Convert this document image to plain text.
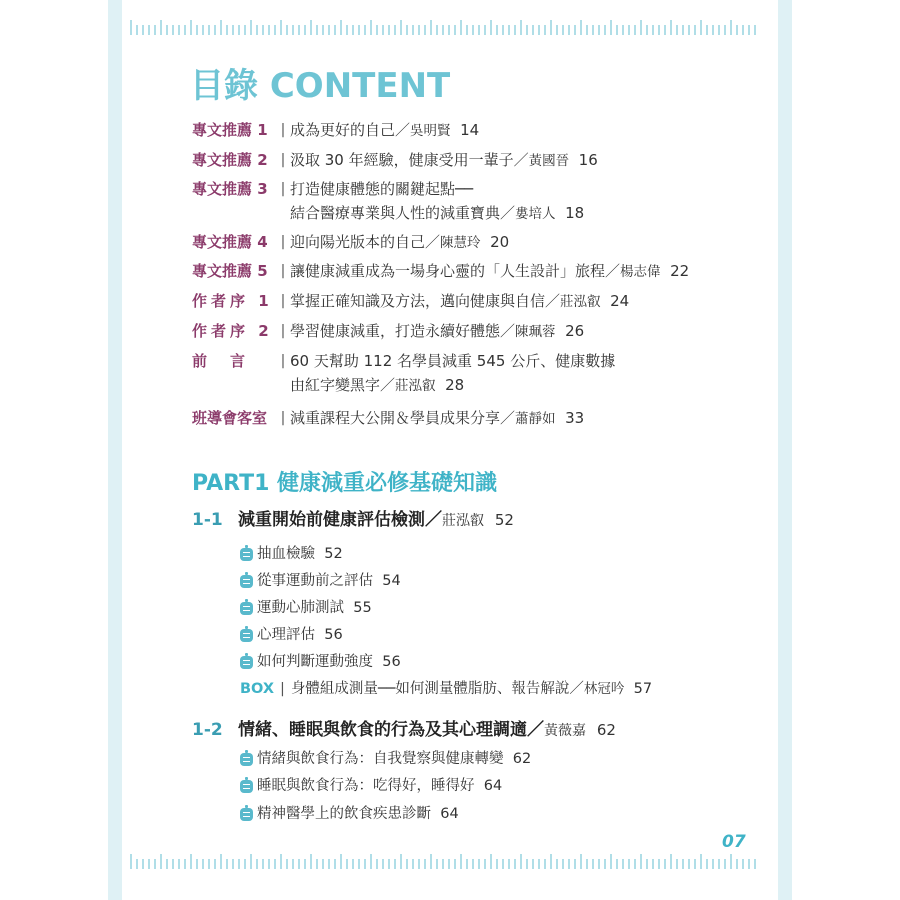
目錄 CONTENT
專文推薦 1 | 成為更好的自己／吳明賢 14
專文推薦 2 | 汲取 30 年經驗，健康受用一輩子／黃國晉 16
專文推薦 3 | 打造健康體態的關鍵起點──
結合醫療專業與人性的減重寶典／婁培人 18
專文推薦 4 | 迎向陽光版本的自己／陳慧玲 20
專文推薦 5 | 讓健康減重成為一場身心靈的「人生設計」旅程／楊志偉 22
作者序 1 | 掌握正確知識及方法，邁向健康與自信／莊泓叡 24
作者序 2 | 學習健康減重，打造永續好體態／陳珮蓉 26
前　言	| 60 天幫助 112 名學員減重 545 公斤、健康數據
由紅字變黑字／莊泓叡 28
班導會客室 | 減重課程大公開＆學員成果分享／蕭靜如 33
PART1 健康減重必修基礎知識
1-1 減重開始前健康評估檢測／莊泓叡 52
抽血檢驗
52
從事運動前之評估
54
運動心肺測試
55
心理評估
56
如何判斷運動強度
56
BOX | 身體組成測量──如何測量體脂肪、報告解說／ 林冠吟
57
1-2 情緒、睡眠與飲食的行為及其心理調適／黃薇嘉 62
情緒與飲食行為：自我覺察與健康轉變
62
睡眠與飲食行為：吃得好，睡得好
64
精神醫學上的飲食疾患診斷
64
07
